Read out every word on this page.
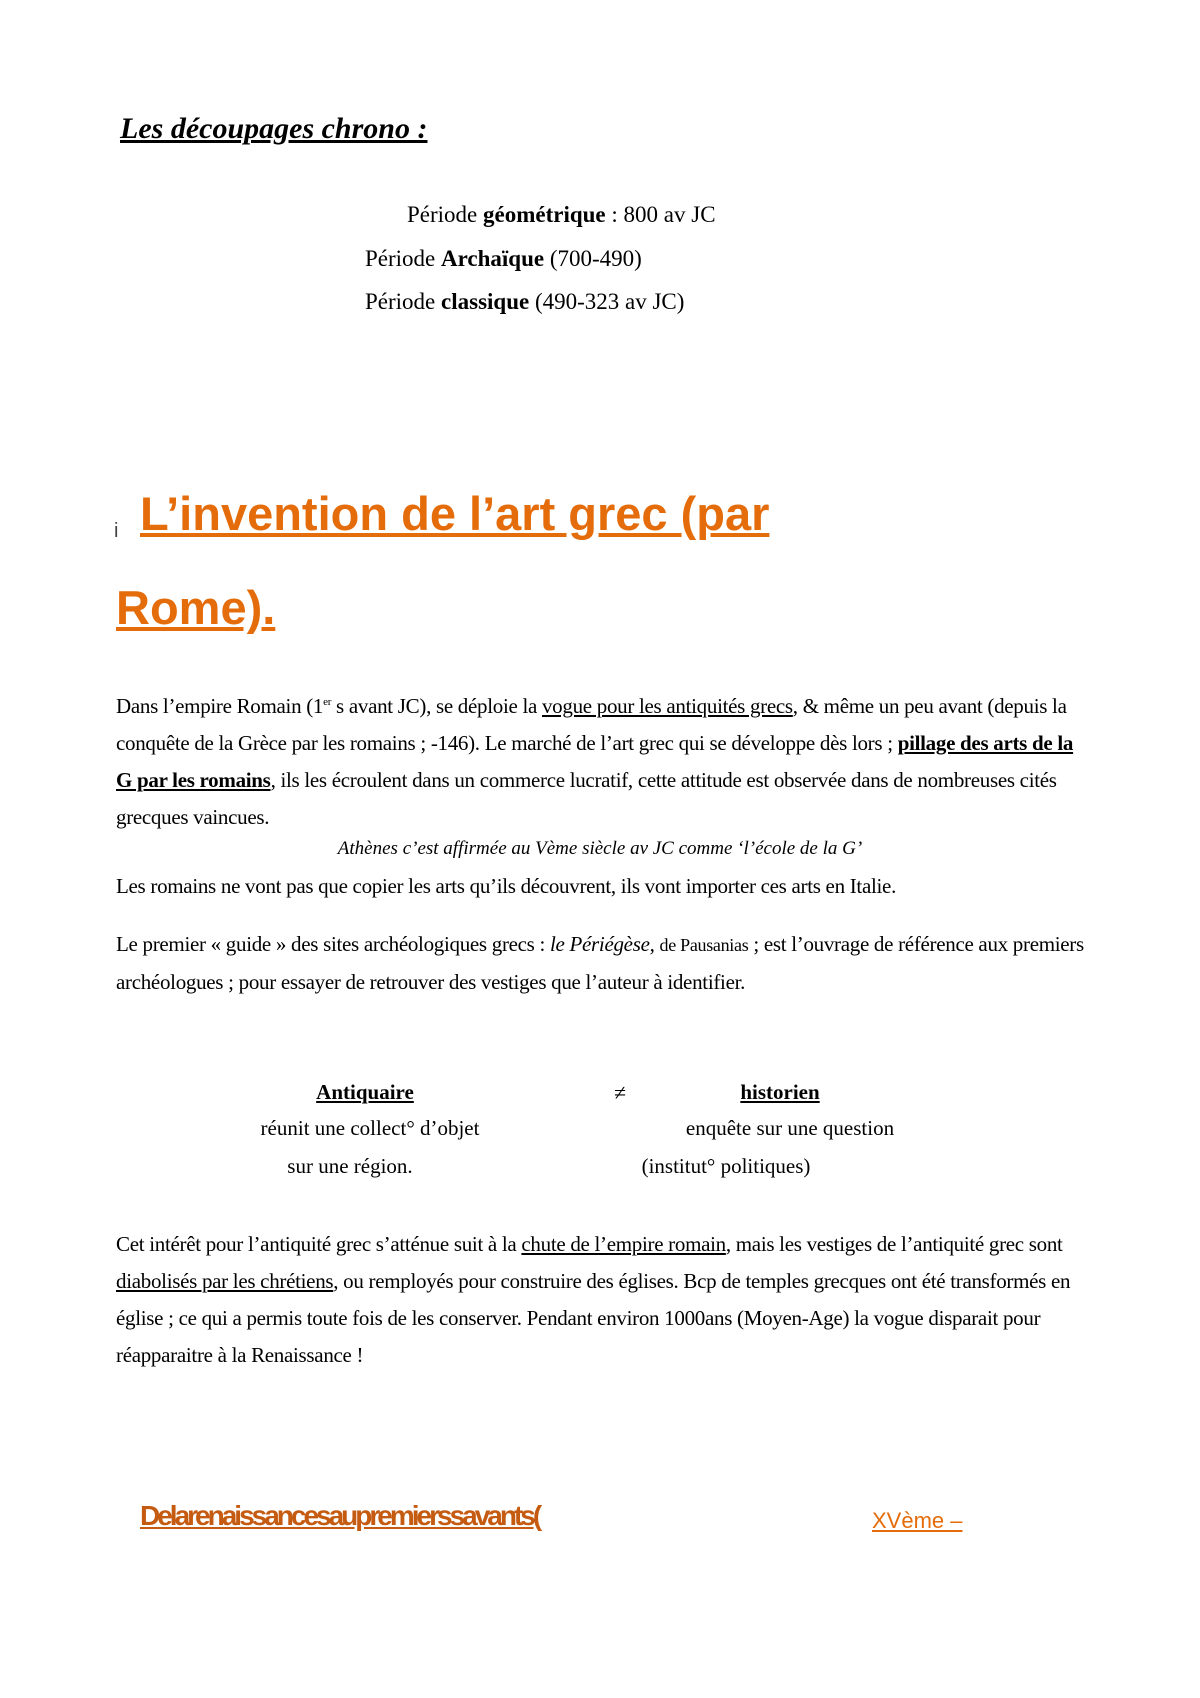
Les découpages chrono :
Période géométrique : 800 av JC
Période Archaïque (700-490)
Période classique (490-323 av JC)
i L’invention de l’art grec (par
Rome).
Dans l’empire Romain (1er s avant JC), se déploie la vogue pour les antiquités grecs, & même un peu avant (depuis la conquête de la Grèce par les romains ; -146). Le marché de l’art grec qui se développe dès lors ; pillage des arts de la G par les romains, ils les écroulent dans un commerce lucratif, cette attitude est observée dans de nombreuses cités grecques vaincues.
Athènes c’est affirmée au Vème siècle av JC comme ‘l’école de la G’
Les romains ne vont pas que copier les arts qu’ils découvrent, ils vont importer ces arts en Italie.
Le premier « guide » des sites archéologiques grecs : le Périégèse, de Pausanias ; est l’ouvrage de référence aux premiers archéologues ; pour essayer de retrouver des vestiges que l’auteur à identifier.
Antiquaire	≠	historien
réunit une collect° d’objet	enquête sur une question
sur une région.	(institut° politiques)
Cet intérêt pour l’antiquité grec s’atténue suit à la chute de l’empire romain, mais les vestiges de l’antiquité grec sont diabolisés par les chrétiens, ou remployés pour construire des églises. Bcp de temples grecques ont été transformés en église ; ce qui a permis toute fois de les conserver. Pendant environ 1000ans (Moyen-Age) la vogue disparait pour réapparaitre à la Renaissance !
Delarenaissancesaupremierssavants(	XVème –
